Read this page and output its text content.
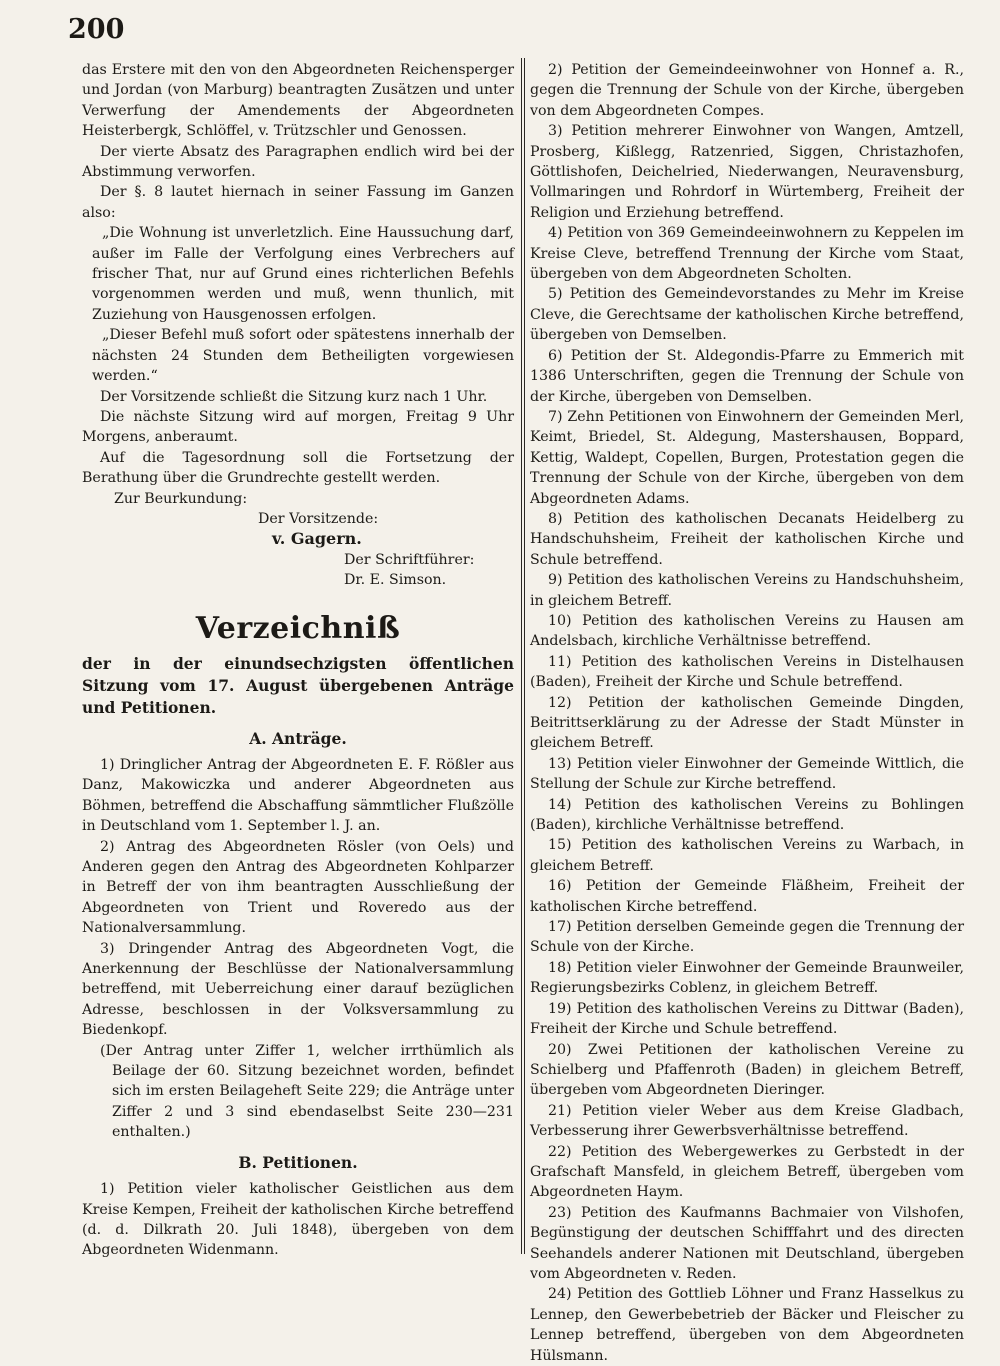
200

das Erstere mit den von den Abgeordneten Reichensperger und Jordan (von Marburg) beantragten Zusätzen und unter Verwerfung der Amendements der Abgeordneten Heisterbergk, Schlöffel, v. Trützschler und Genossen.

Der vierte Absatz des Paragraphen endlich wird bei der Abstimmung verworfen.

Der §. 8 lautet hiernach in seiner Fassung im Ganzen also:

„Die Wohnung ist unverletzlich. Eine Haussuchung darf, außer im Falle der Verfolgung eines Verbrechers auf frischer That, nur auf Grund eines richterlichen Befehls vorgenommen werden und muß, wenn thunlich, mit Zuziehung von Hausgenossen erfolgen.

„Dieser Befehl muß sofort oder spätestens innerhalb der nächsten 24 Stunden dem Betheiligten vorgewiesen werden.“

Der Vorsitzende schließt die Sitzung kurz nach 1 Uhr.

Die nächste Sitzung wird auf morgen, Freitag 9 Uhr Morgens, anberaumt.

Auf die Tagesordnung soll die Fortsetzung der Berathung über die Grundrechte gestellt werden.

Zur Beurkundung:

Der Vorsitzende:

v. Gagern.

Der Schriftführer:

Dr. E. Simson.

Verzeichniß

der in der einundsechzigsten öffentlichen Sitzung vom 17. August übergebenen Anträge und Petitionen.

A. Anträge.

1) Dringlicher Antrag der Abgeordneten E. F. Rößler aus Danz, Makowiczka und anderer Abgeordneten aus Böhmen, betreffend die Abschaffung sämmtlicher Flußzölle in Deutschland vom 1. September l. J. an.

2) Antrag des Abgeordneten Rösler (von Oels) und Anderen gegen den Antrag des Abgeordneten Kohlparzer in Betreff der von ihm beantragten Ausschließung der Abgeordneten von Trient und Roveredo aus der Nationalversammlung.

3) Dringender Antrag des Abgeordneten Vogt, die Anerkennung der Beschlüsse der Nationalversammlung betreffend, mit Ueberreichung einer darauf bezüglichen Adresse, beschlossen in der Volksversammlung zu Biedenkopf.

(Der Antrag unter Ziffer 1, welcher irrthümlich als Beilage der 60. Sitzung bezeichnet worden, befindet sich im ersten Beilageheft Seite 229; die Anträge unter Ziffer 2 und 3 sind ebendaselbst Seite 230—231 enthalten.)

B. Petitionen.

1) Petition vieler katholischer Geistlichen aus dem Kreise Kempen, Freiheit der katholischen Kirche betreffend (d. d. Dilkrath 20. Juli 1848), übergeben von dem Abgeordneten Widenmann.

2) Petition der Gemeindeeinwohner von Honnef a. R., gegen die Trennung der Schule von der Kirche, übergeben von dem Abgeordneten Compes.

3) Petition mehrerer Einwohner von Wangen, Amtzell, Prosberg, Kißlegg, Ratzenried, Siggen, Christazhofen, Göttlishofen, Deichelried, Niederwangen, Neuravensburg, Vollmaringen und Rohrdorf in Würtemberg, Freiheit der Religion und Erziehung betreffend.

4) Petition von 369 Gemeindeeinwohnern zu Keppelen im Kreise Cleve, betreffend Trennung der Kirche vom Staat, übergeben von dem Abgeordneten Scholten.

5) Petition des Gemeindevorstandes zu Mehr im Kreise Cleve, die Gerechtsame der katholischen Kirche betreffend, übergeben von Demselben.

6) Petition der St. Aldegondis-Pfarre zu Emmerich mit 1386 Unterschriften, gegen die Trennung der Schule von der Kirche, übergeben von Demselben.

7) Zehn Petitionen von Einwohnern der Gemeinden Merl, Keimt, Briedel, St. Aldegung, Mastershausen, Boppard, Kettig, Waldept, Copellen, Burgen, Protestation gegen die Trennung der Schule von der Kirche, übergeben von dem Abgeordneten Adams.

8) Petition des katholischen Decanats Heidelberg zu Handschuhsheim, Freiheit der katholischen Kirche und Schule betreffend.

9) Petition des katholischen Vereins zu Handschuhsheim, in gleichem Betreff.

10) Petition des katholischen Vereins zu Hausen am Andelsbach, kirchliche Verhältnisse betreffend.

11) Petition des katholischen Vereins in Distelhausen (Baden), Freiheit der Kirche und Schule betreffend.

12) Petition der katholischen Gemeinde Dingden, Beitrittserklärung zu der Adresse der Stadt Münster in gleichem Betreff.

13) Petition vieler Einwohner der Gemeinde Wittlich, die Stellung der Schule zur Kirche betreffend.

14) Petition des katholischen Vereins zu Bohlingen (Baden), kirchliche Verhältnisse betreffend.

15) Petition des katholischen Vereins zu Warbach, in gleichem Betreff.

16) Petition der Gemeinde Fläßheim, Freiheit der katholischen Kirche betreffend.

17) Petition derselben Gemeinde gegen die Trennung der Schule von der Kirche.

18) Petition vieler Einwohner der Gemeinde Braunweiler, Regierungsbezirks Coblenz, in gleichem Betreff.

19) Petition des katholischen Vereins zu Dittwar (Baden), Freiheit der Kirche und Schule betreffend.

20) Zwei Petitionen der katholischen Vereine zu Schielberg und Pfaffenroth (Baden) in gleichem Betreff, übergeben vom Abgeordneten Dieringer.

21) Petition vieler Weber aus dem Kreise Gladbach, Verbesserung ihrer Gewerbsverhältnisse betreffend.

22) Petition des Webergewerkes zu Gerbstedt in der Grafschaft Mansfeld, in gleichem Betreff, übergeben vom Abgeordneten Haym.

23) Petition des Kaufmanns Bachmaier von Vilshofen, Begünstigung der deutschen Schifffahrt und des directen Seehandels anderer Nationen mit Deutschland, übergeben vom Abgeordneten v. Reden.

24) Petition des Gottlieb Löhner und Franz Hasselkus zu Lennep, den Gewerbebetrieb der Bäcker und Fleischer zu Lennep betreffend, übergeben von dem Abgeordneten Hülsmann.
